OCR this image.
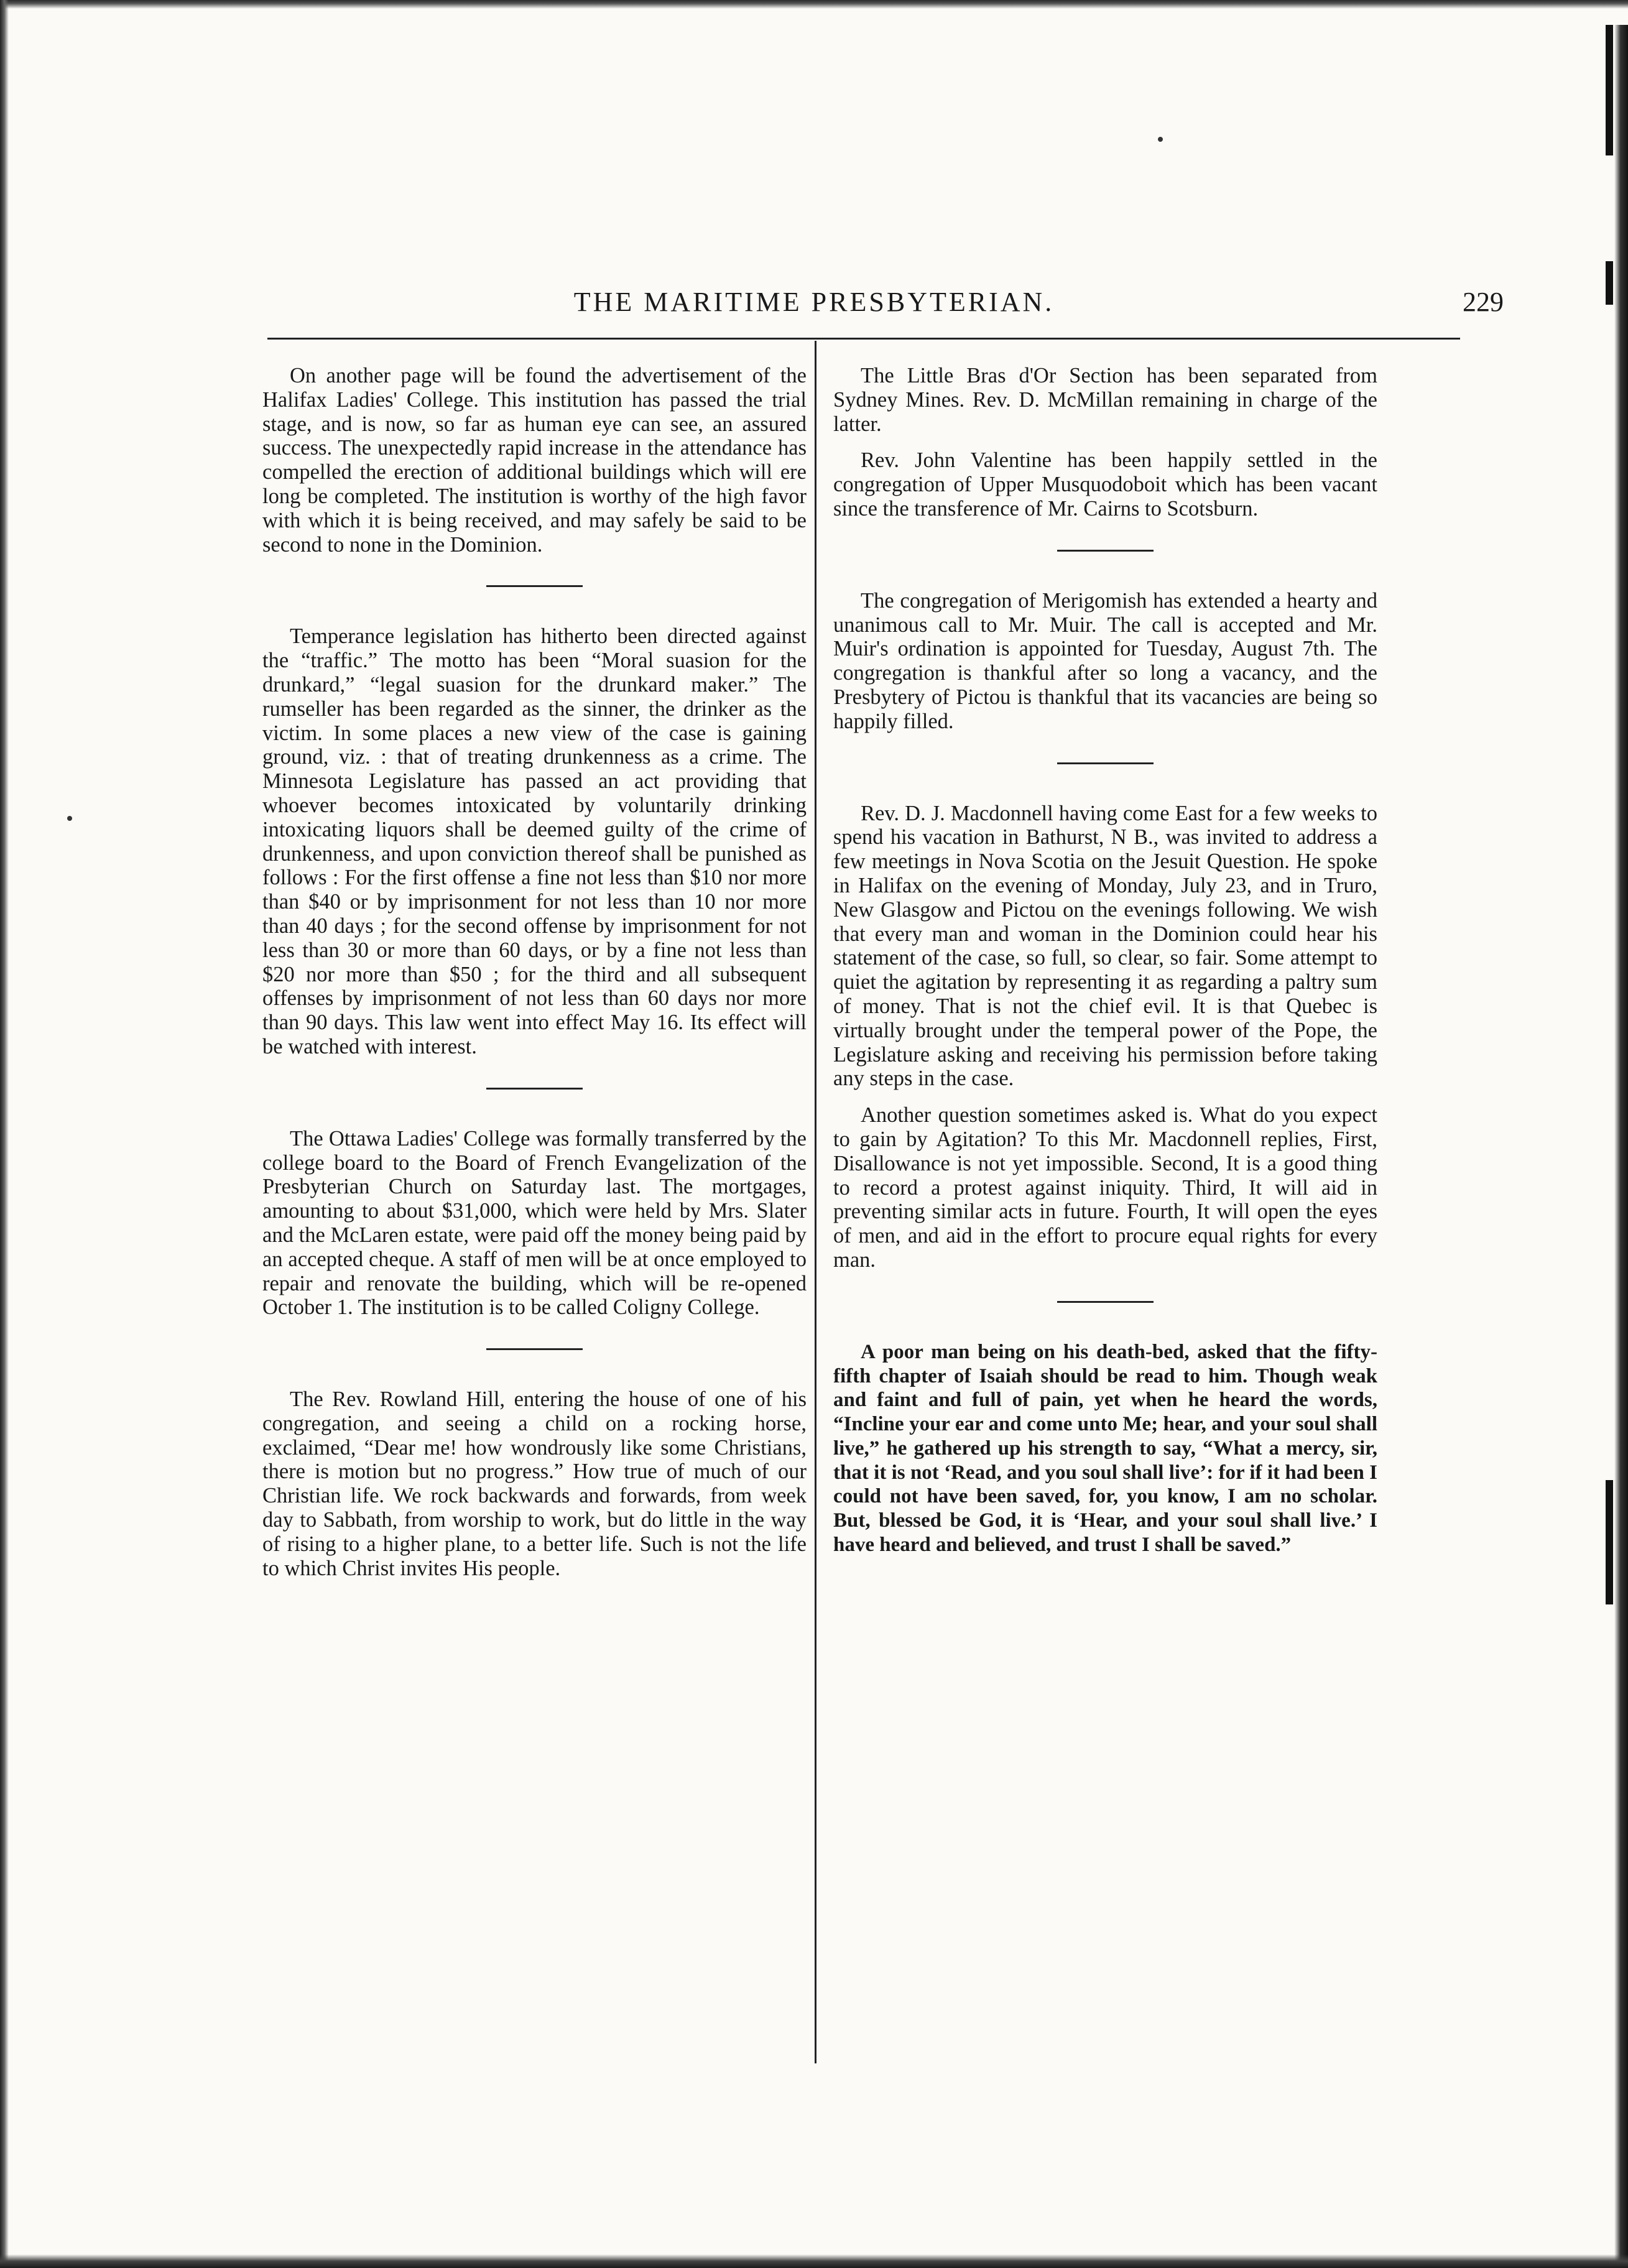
THE MARITIME PRESBYTERIAN.	229

On another page will be found the advertisement of the Halifax Ladies' College. This institution has passed the trial stage, and is now, so far as human eye can see, an assured success. The unexpectedly rapid increase in the attendance has compelled the erection of additional buildings which will ere long be completed. The institution is worthy of the high favor with which it is being received, and may safely be said to be second to none in the Dominion.

Temperance legislation has hitherto been directed against the “traffic.” The motto has been “Moral suasion for the drunkard,” “legal suasion for the drunkard maker.” The rumseller has been regarded as the sinner, the drinker as the victim. In some places a new view of the case is gaining ground, viz. : that of treating drunkenness as a crime. The Minnesota Legislature has passed an act providing that whoever becomes intoxicated by voluntarily drinking intoxicating liquors shall be deemed guilty of the crime of drunkenness, and upon conviction thereof shall be punished as follows : For the first offense a fine not less than $10 nor more than $40 or by imprisonment for not less than 10 nor more than 40 days ; for the second offense by imprisonment for not less than 30 or more than 60 days, or by a fine not less than $20 nor more than $50 ; for the third and all subsequent offenses by imprisonment of not less than 60 days nor more than 90 days. This law went into effect May 16. Its effect will be watched with interest.

The Ottawa Ladies' College was formally transferred by the college board to the Board of French Evangelization of the Presbyterian Church on Saturday last. The mortgages, amounting to about $31,000, which were held by Mrs. Slater and the McLaren estate, were paid off the money being paid by an accepted cheque. A staff of men will be at once employed to repair and renovate the building, which will be re-opened October 1. The institution is to be called Coligny College.

The Rev. Rowland Hill, entering the house of one of his congregation, and seeing a child on a rocking horse, exclaimed, “Dear me! how wondrously like some Christians, there is motion but no progress.” How true of much of our Christian life. We rock backwards and forwards, from week day to Sabbath, from worship to work, but do little in the way of rising to a higher plane, to a better life. Such is not the life to which Christ invites His people.

The Little Bras d'Or Section has been separated from Sydney Mines. Rev. D. McMillan remaining in charge of the latter.

Rev. John Valentine has been happily settled in the congregation of Upper Musquodoboit which has been vacant since the transference of Mr. Cairns to Scotsburn.

The congregation of Merigomish has extended a hearty and unanimous call to Mr. Muir. The call is accepted and Mr. Muir's ordination is appointed for Tuesday, August 7th. The congregation is thankful after so long a vacancy, and the Presbytery of Pictou is thankful that its vacancies are being so happily filled.

Rev. D. J. Macdonnell having come East for a few weeks to spend his vacation in Bathurst, N B., was invited to address a few meetings in Nova Scotia on the Jesuit Question. He spoke in Halifax on the evening of Monday, July 23, and in Truro, New Glasgow and Pictou on the evenings following. We wish that every man and woman in the Dominion could hear his statement of the case, so full, so clear, so fair. Some attempt to quiet the agitation by representing it as regarding a paltry sum of money. That is not the chief evil. It is that Quebec is virtually brought under the temperal power of the Pope, the Legislature asking and receiving his permission before taking any steps in the case.

Another question sometimes asked is. What do you expect to gain by Agitation? To this Mr. Macdonnell replies, First, Disallowance is not yet impossible. Second, It is a good thing to record a protest against iniquity. Third, It will aid in preventing similar acts in future. Fourth, It will open the eyes of men, and aid in the effort to procure equal rights for every man.

A poor man being on his death-bed, asked that the fifty-fifth chapter of Isaiah should be read to him. Though weak and faint and full of pain, yet when he heard the words, “Incline your ear and come unto Me; hear, and your soul shall live,” he gathered up his strength to say, “What a mercy, sir, that it is not ‘Read, and you soul shall live’: for if it had been I could not have been saved, for, you know, I am no scholar. But, blessed be God, it is ‘Hear, and your soul shall live.’ I have heard and believed, and trust I shall be saved.”
